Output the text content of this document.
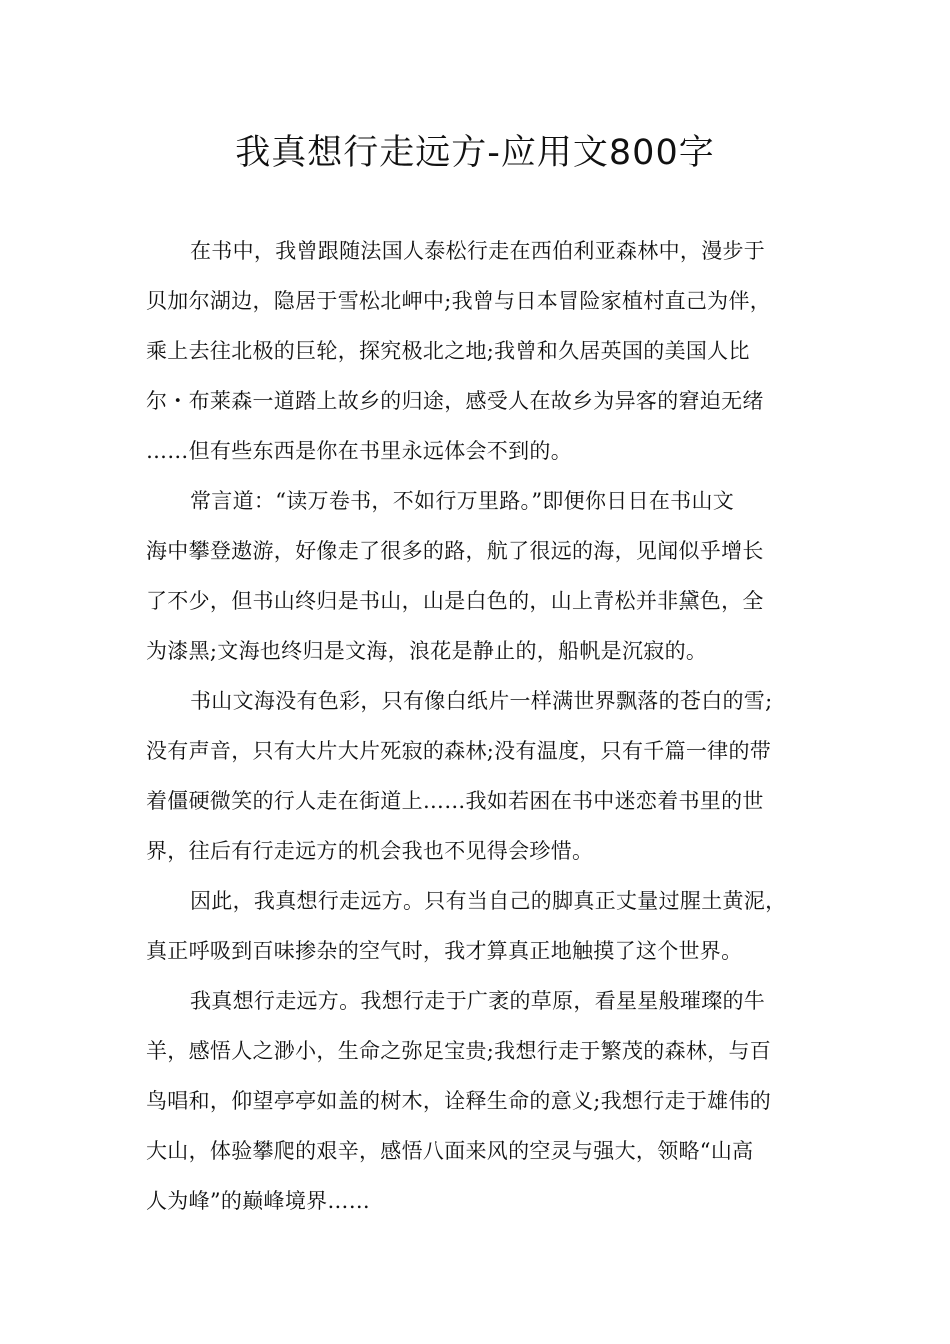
我真想行走远方-应用文800字
在书中，我曾跟随法国人泰松行走在西伯利亚森林中，漫步于
贝加尔湖边，隐居于雪松北岬中;我曾与日本冒险家植村直己为伴，
乘上去往北极的巨轮，探究极北之地;我曾和久居英国的美国人比
尔・布莱森一道踏上故乡的归途，感受人在故乡为异客的窘迫无绪
……但有些东西是你在书里永远体会不到的。
常言道：“读万卷书，不如行万里路。”即便你日日在书山文
海中攀登遨游，好像走了很多的路，航了很远的海，见闻似乎增长
了不少，但书山终归是书山，山是白色的，山上青松并非黛色，全
为漆黑;文海也终归是文海，浪花是静止的，船帆是沉寂的。
书山文海没有色彩，只有像白纸片一样满世界飘落的苍白的雪;
没有声音，只有大片大片死寂的森林;没有温度，只有千篇一律的带
着僵硬微笑的行人走在街道上……我如若困在书中迷恋着书里的世
界，往后有行走远方的机会我也不见得会珍惜。
因此，我真想行走远方。只有当自己的脚真正丈量过腥土黄泥，
真正呼吸到百味掺杂的空气时，我才算真正地触摸了这个世界。
我真想行走远方。我想行走于广袤的草原，看星星般璀璨的牛
羊，感悟人之渺小，生命之弥足宝贵;我想行走于繁茂的森林，与百
鸟唱和，仰望亭亭如盖的树木，诠释生命的意义;我想行走于雄伟的
大山，体验攀爬的艰辛，感悟八面来风的空灵与强大，领略“山高
人为峰”的巅峰境界……
